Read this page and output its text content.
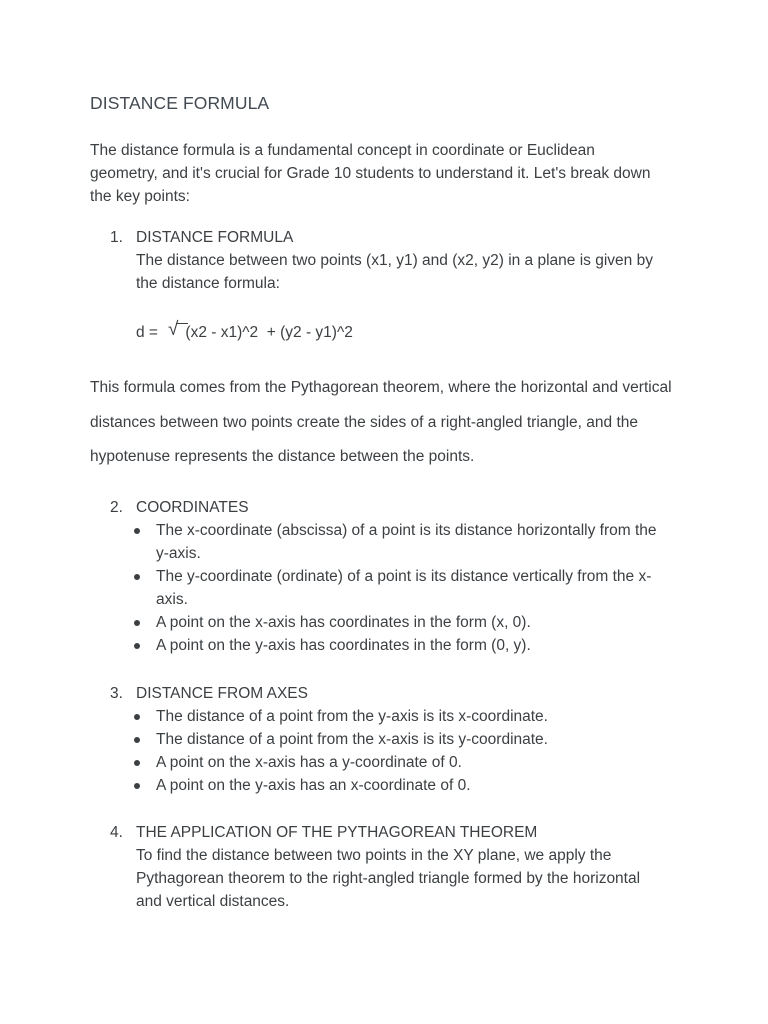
DISTANCE FORMULA

The distance formula is a fundamental concept in coordinate or Euclidean geometry, and it's crucial for Grade 10 students to understand it. Let's break down the key points:

1. DISTANCE FORMULA
The distance between two points (x1, y1) and (x2, y2) in a plane is given by the distance formula:
d = √ (x2 - x1)^2  + (y2 - y1)^2

This formula comes from the Pythagorean theorem, where the horizontal and vertical distances between two points create the sides of a right-angled triangle, and the hypotenuse represents the distance between the points.

2. COORDINATES
The x-coordinate (abscissa) of a point is its distance horizontally from the y-axis.
The y-coordinate (ordinate) of a point is its distance vertically from the x-axis.
A point on the x-axis has coordinates in the form (x, 0).
A point on the y-axis has coordinates in the form (0, y).
3. DISTANCE FROM AXES
The distance of a point from the y-axis is its x-coordinate.
The distance of a point from the x-axis is its y-coordinate.
A point on the x-axis has a y-coordinate of 0.
A point on the y-axis has an x-coordinate of 0.
4. THE APPLICATION OF THE PYTHAGOREAN THEOREM
To find the distance between two points in the XY plane, we apply the Pythagorean theorem to the right-angled triangle formed by the horizontal and vertical distances.
